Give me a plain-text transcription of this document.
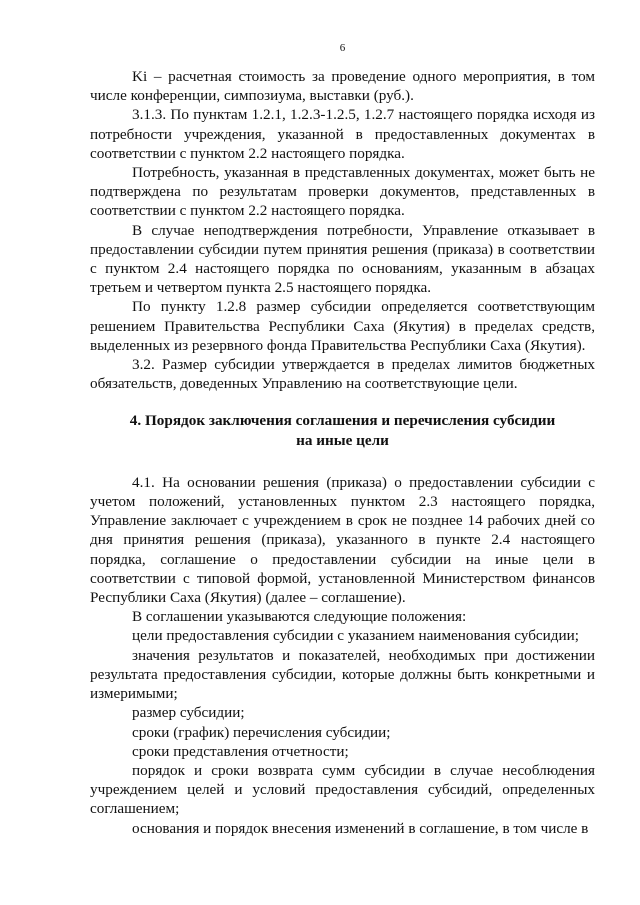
6

Ki – расчетная стоимость за проведение одного мероприятия, в том числе конференции, симпозиума, выставки (руб.).

3.1.3. По пунктам 1.2.1, 1.2.3-1.2.5, 1.2.7 настоящего порядка исходя из потребности учреждения, указанной в предоставленных документах в соответствии с пунктом 2.2 настоящего порядка.

Потребность, указанная в представленных документах, может быть не подтверждена по результатам проверки документов, представленных в соответствии с пунктом 2.2 настоящего порядка.

В случае неподтверждения потребности, Управление отказывает в предоставлении субсидии путем принятия решения (приказа) в соответствии с пунктом 2.4 настоящего порядка по основаниям, указанным в абзацах третьем и четвертом пункта 2.5 настоящего порядка.

По пункту 1.2.8 размер субсидии определяется соответствующим решением Правительства Республики Саха (Якутия) в пределах средств, выделенных из резервного фонда Правительства Республики Саха (Якутия).

3.2. Размер субсидии утверждается в пределах лимитов бюджетных обязательств, доведенных Управлению на соответствующие цели.

4. Порядок заключения соглашения и перечисления субсидии
на иные цели

4.1. На основании решения (приказа) о предоставлении субсидии с учетом положений, установленных пунктом 2.3 настоящего порядка, Управление заключает с учреждением в срок не позднее 14 рабочих дней со дня принятия решения (приказа), указанного в пункте 2.4 настоящего порядка, соглашение о предоставлении субсидии на иные цели в соответствии с типовой формой, установленной Министерством финансов Республики Саха (Якутия) (далее – соглашение).

В соглашении указываются следующие положения:

цели предоставления субсидии с указанием наименования субсидии;

значения результатов и показателей, необходимых при достижении результата предоставления субсидии, которые должны быть конкретными и измеримыми;

размер субсидии;

сроки (график) перечисления субсидии;

сроки представления отчетности;

порядок и сроки возврата сумм субсидии в случае несоблюдения учреждением целей и условий предоставления субсидий, определенных соглашением;

основания и порядок внесения изменений в соглашение, в том числе в
